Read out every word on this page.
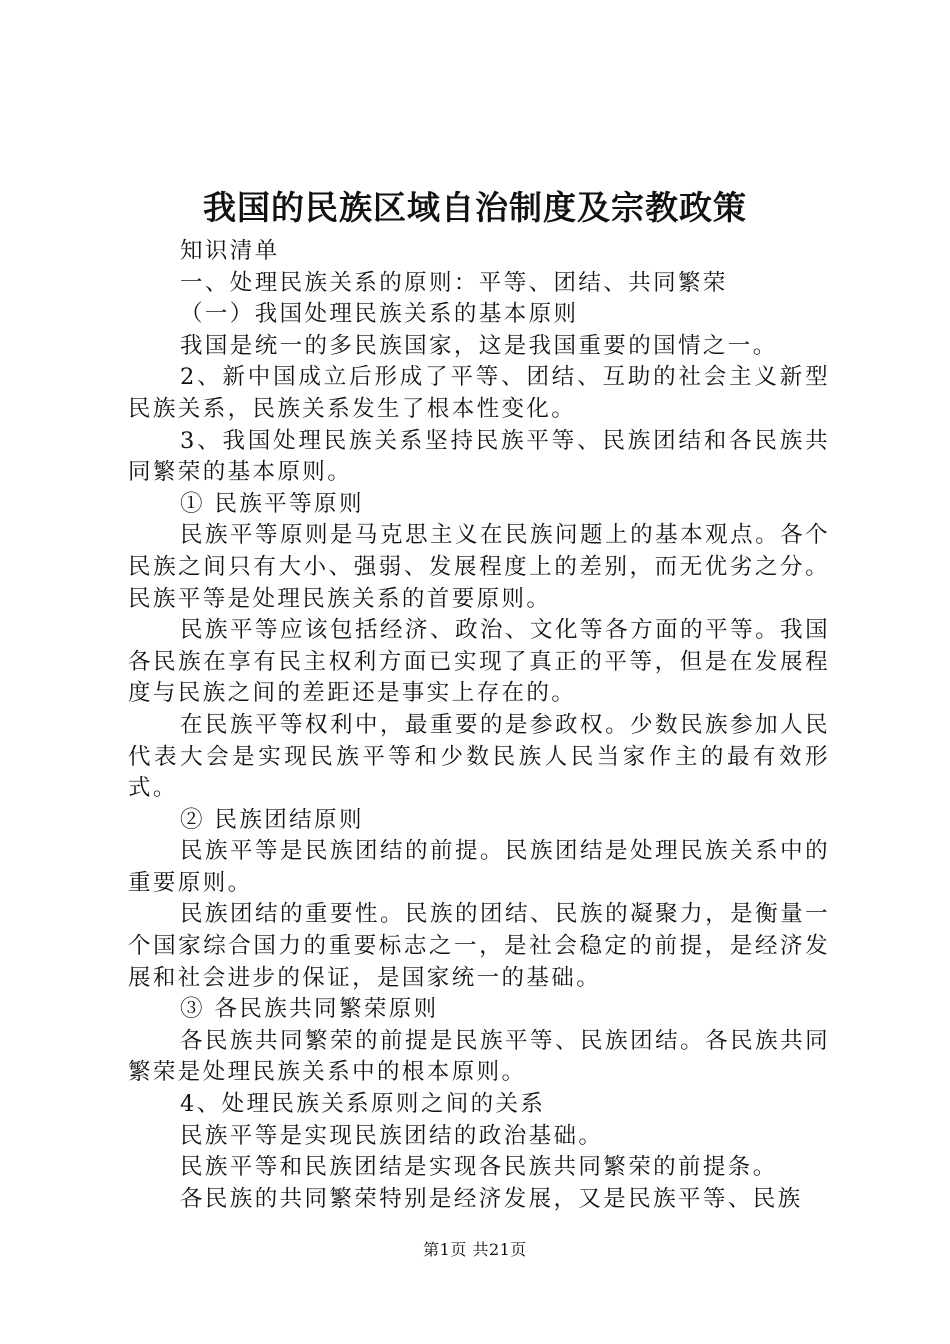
我国的民族区域自治制度及宗教政策

知识清单

一、处理民族关系的原则：平等、团结、共同繁荣

（一）我国处理民族关系的基本原则

我国是统一的多民族国家，这是我国重要的国情之一。

2、新中国成立后形成了平等、团结、互助的社会主义新型民族关系，民族关系发生了根本性变化。

3、我国处理民族关系坚持民族平等、民族团结和各民族共同繁荣的基本原则。

① 民族平等原则

民族平等原则是马克思主义在民族问题上的基本观点。各个民族之间只有大小、强弱、发展程度上的差别，而无优劣之分。民族平等是处理民族关系的首要原则。

民族平等应该包括经济、政治、文化等各方面的平等。我国各民族在享有民主权利方面已实现了真正的平等，但是在发展程度与民族之间的差距还是事实上存在的。

在民族平等权利中，最重要的是参政权。少数民族参加人民代表大会是实现民族平等和少数民族人民当家作主的最有效形式。

② 民族团结原则

民族平等是民族团结的前提。民族团结是处理民族关系中的重要原则。

民族团结的重要性。民族的团结、民族的凝聚力，是衡量一个国家综合国力的重要标志之一，是社会稳定的前提，是经济发展和社会进步的保证，是国家统一的基础。

③ 各民族共同繁荣原则

各民族共同繁荣的前提是民族平等、民族团结。各民族共同繁荣是处理民族关系中的根本原则。

4、处理民族关系原则之间的关系

民族平等是实现民族团结的政治基础。

民族平等和民族团结是实现各民族共同繁荣的前提条。

各民族的共同繁荣特别是经济发展，又是民族平等、民族

第1页 共21页
